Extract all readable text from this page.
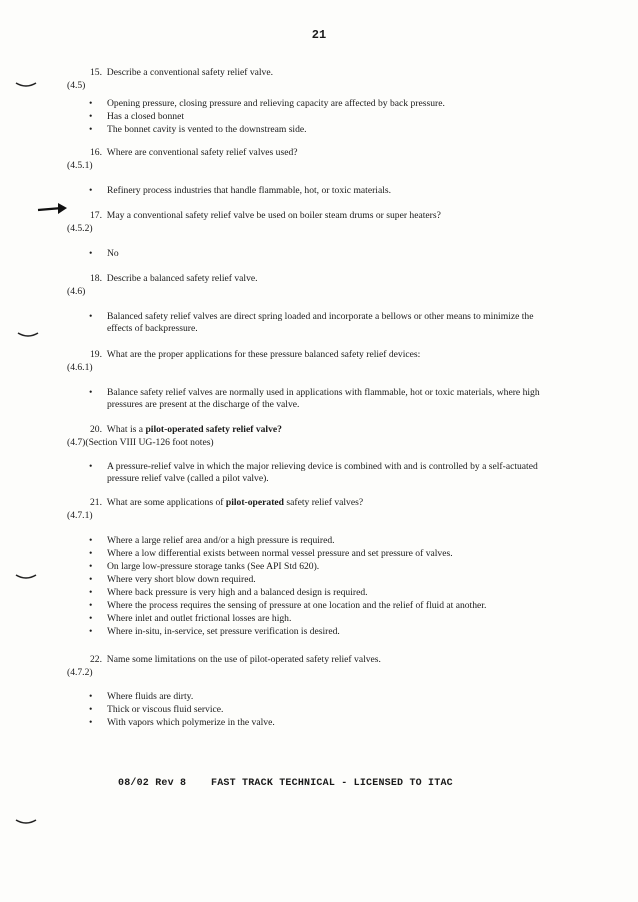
21
15. Describe a conventional safety relief valve.
(4.5)
• Opening pressure, closing pressure and relieving capacity are affected by back pressure.
• Has a closed bonnet
• The bonnet cavity is vented to the downstream side.
16. Where are conventional safety relief valves used?
(4.5.1)
• Refinery process industries that handle flammable, hot, or toxic materials.
17. May a conventional safety relief valve be used on boiler steam drums or super heaters?
(4.5.2)
• No
18. Describe a balanced safety relief valve.
(4.6)
• Balanced safety relief valves are direct spring loaded and incorporate a bellows or other means to minimize the effects of backpressure.
19. What are the proper applications for these pressure balanced safety relief devices:
(4.6.1)
• Balance safety relief valves are normally used in applications with flammable, hot or toxic materials, where high pressures are present at the discharge of the valve.
20. What is a pilot-operated safety relief valve?
(4.7)(Section VIII UG-126 foot notes)
• A pressure-relief valve in which the major relieving device is combined with and is controlled by a self-actuated pressure relief valve (called a pilot valve).
21. What are some applications of pilot-operated safety relief valves?
(4.7.1)
• Where a large relief area and/or a high pressure is required.
• Where a low differential exists between normal vessel pressure and set pressure of valves.
• On large low-pressure storage tanks (See API Std 620).
• Where very short blow down required.
• Where back pressure is very high and a balanced design is required.
• Where the process requires the sensing of pressure at one location and the relief of fluid at another.
• Where inlet and outlet frictional losses are high.
• Where in-situ, in-service, set pressure verification is desired.
22. Name some limitations on the use of pilot-operated safety relief valves.
(4.7.2)
• Where fluids are dirty.
• Thick or viscous fluid service.
• With vapors which polymerize in the valve.
08/02 Rev 8    FAST TRACK TECHNICAL - LICENSED TO ITAC
